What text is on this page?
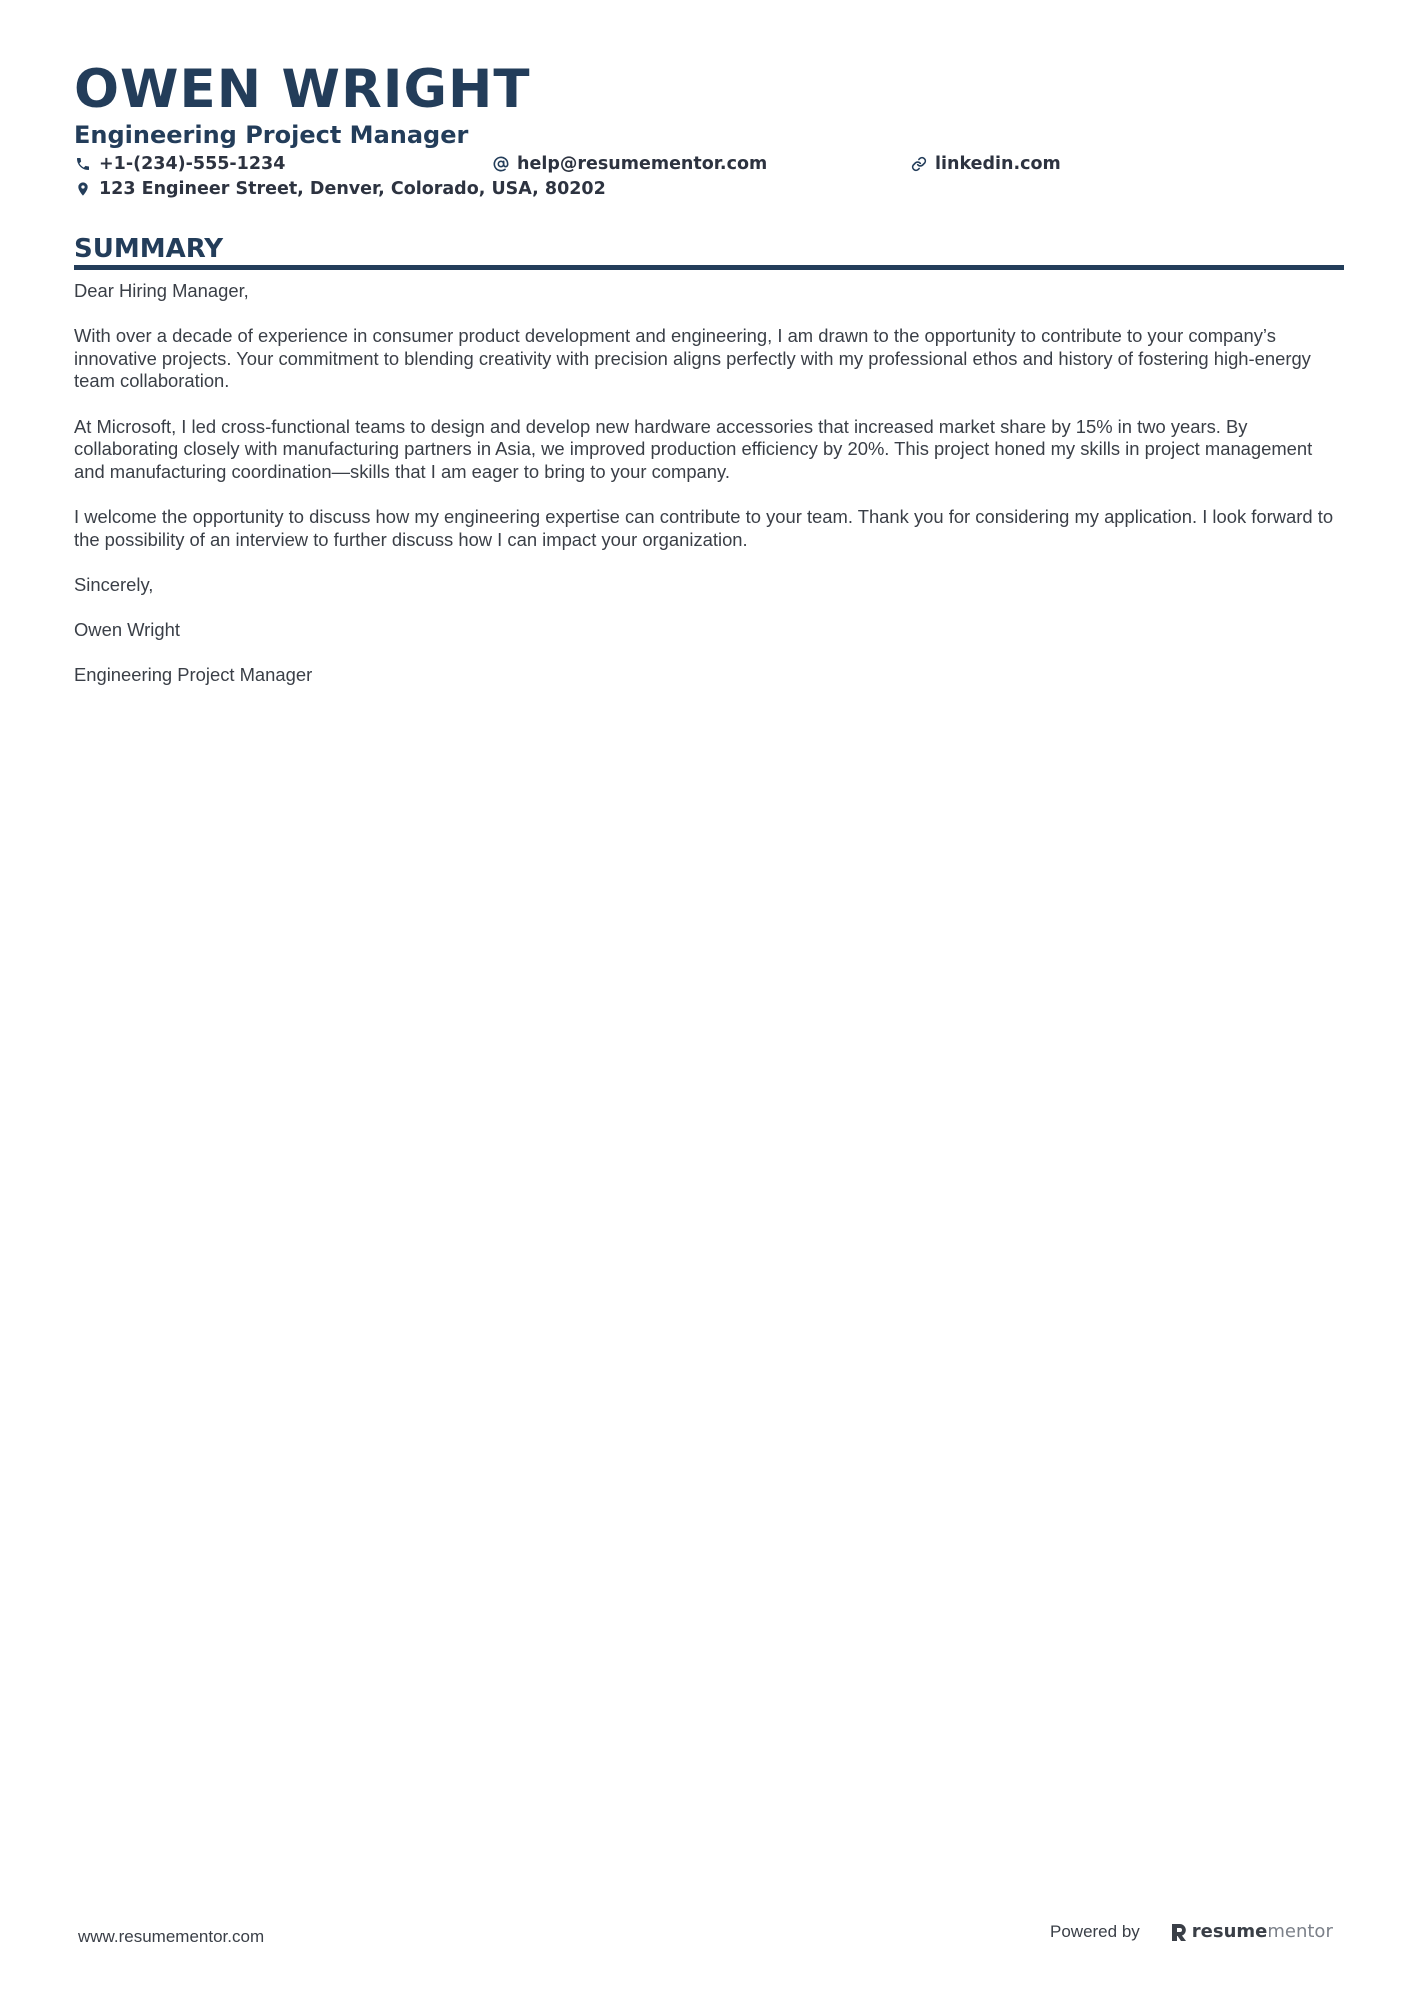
OWEN WRIGHT
Engineering Project Manager
+1-(234)-555-1234	help@resumementor.com	linkedin.com
123 Engineer Street, Denver, Colorado, USA, 80202
SUMMARY

Dear Hiring Manager,

With over a decade of experience in consumer product development and engineering, I am drawn to the opportunity to contribute to your company’s innovative projects. Your commitment to blending creativity with precision aligns perfectly with my professional ethos and history of fostering high-energy team collaboration.

At Microsoft, I led cross-functional teams to design and develop new hardware accessories that increased market share by 15% in two years. By collaborating closely with manufacturing partners in Asia, we improved production efficiency by 20%. This project honed my skills in project management and manufacturing coordination—skills that I am eager to bring to your company.

I welcome the opportunity to discuss how my engineering expertise can contribute to your team. Thank you for considering my application. I look forward to the possibility of an interview to further discuss how I can impact your organization.

Sincerely,

Owen Wright

Engineering Project Manager

www.resumementor.com	Powered by	resume mentor
